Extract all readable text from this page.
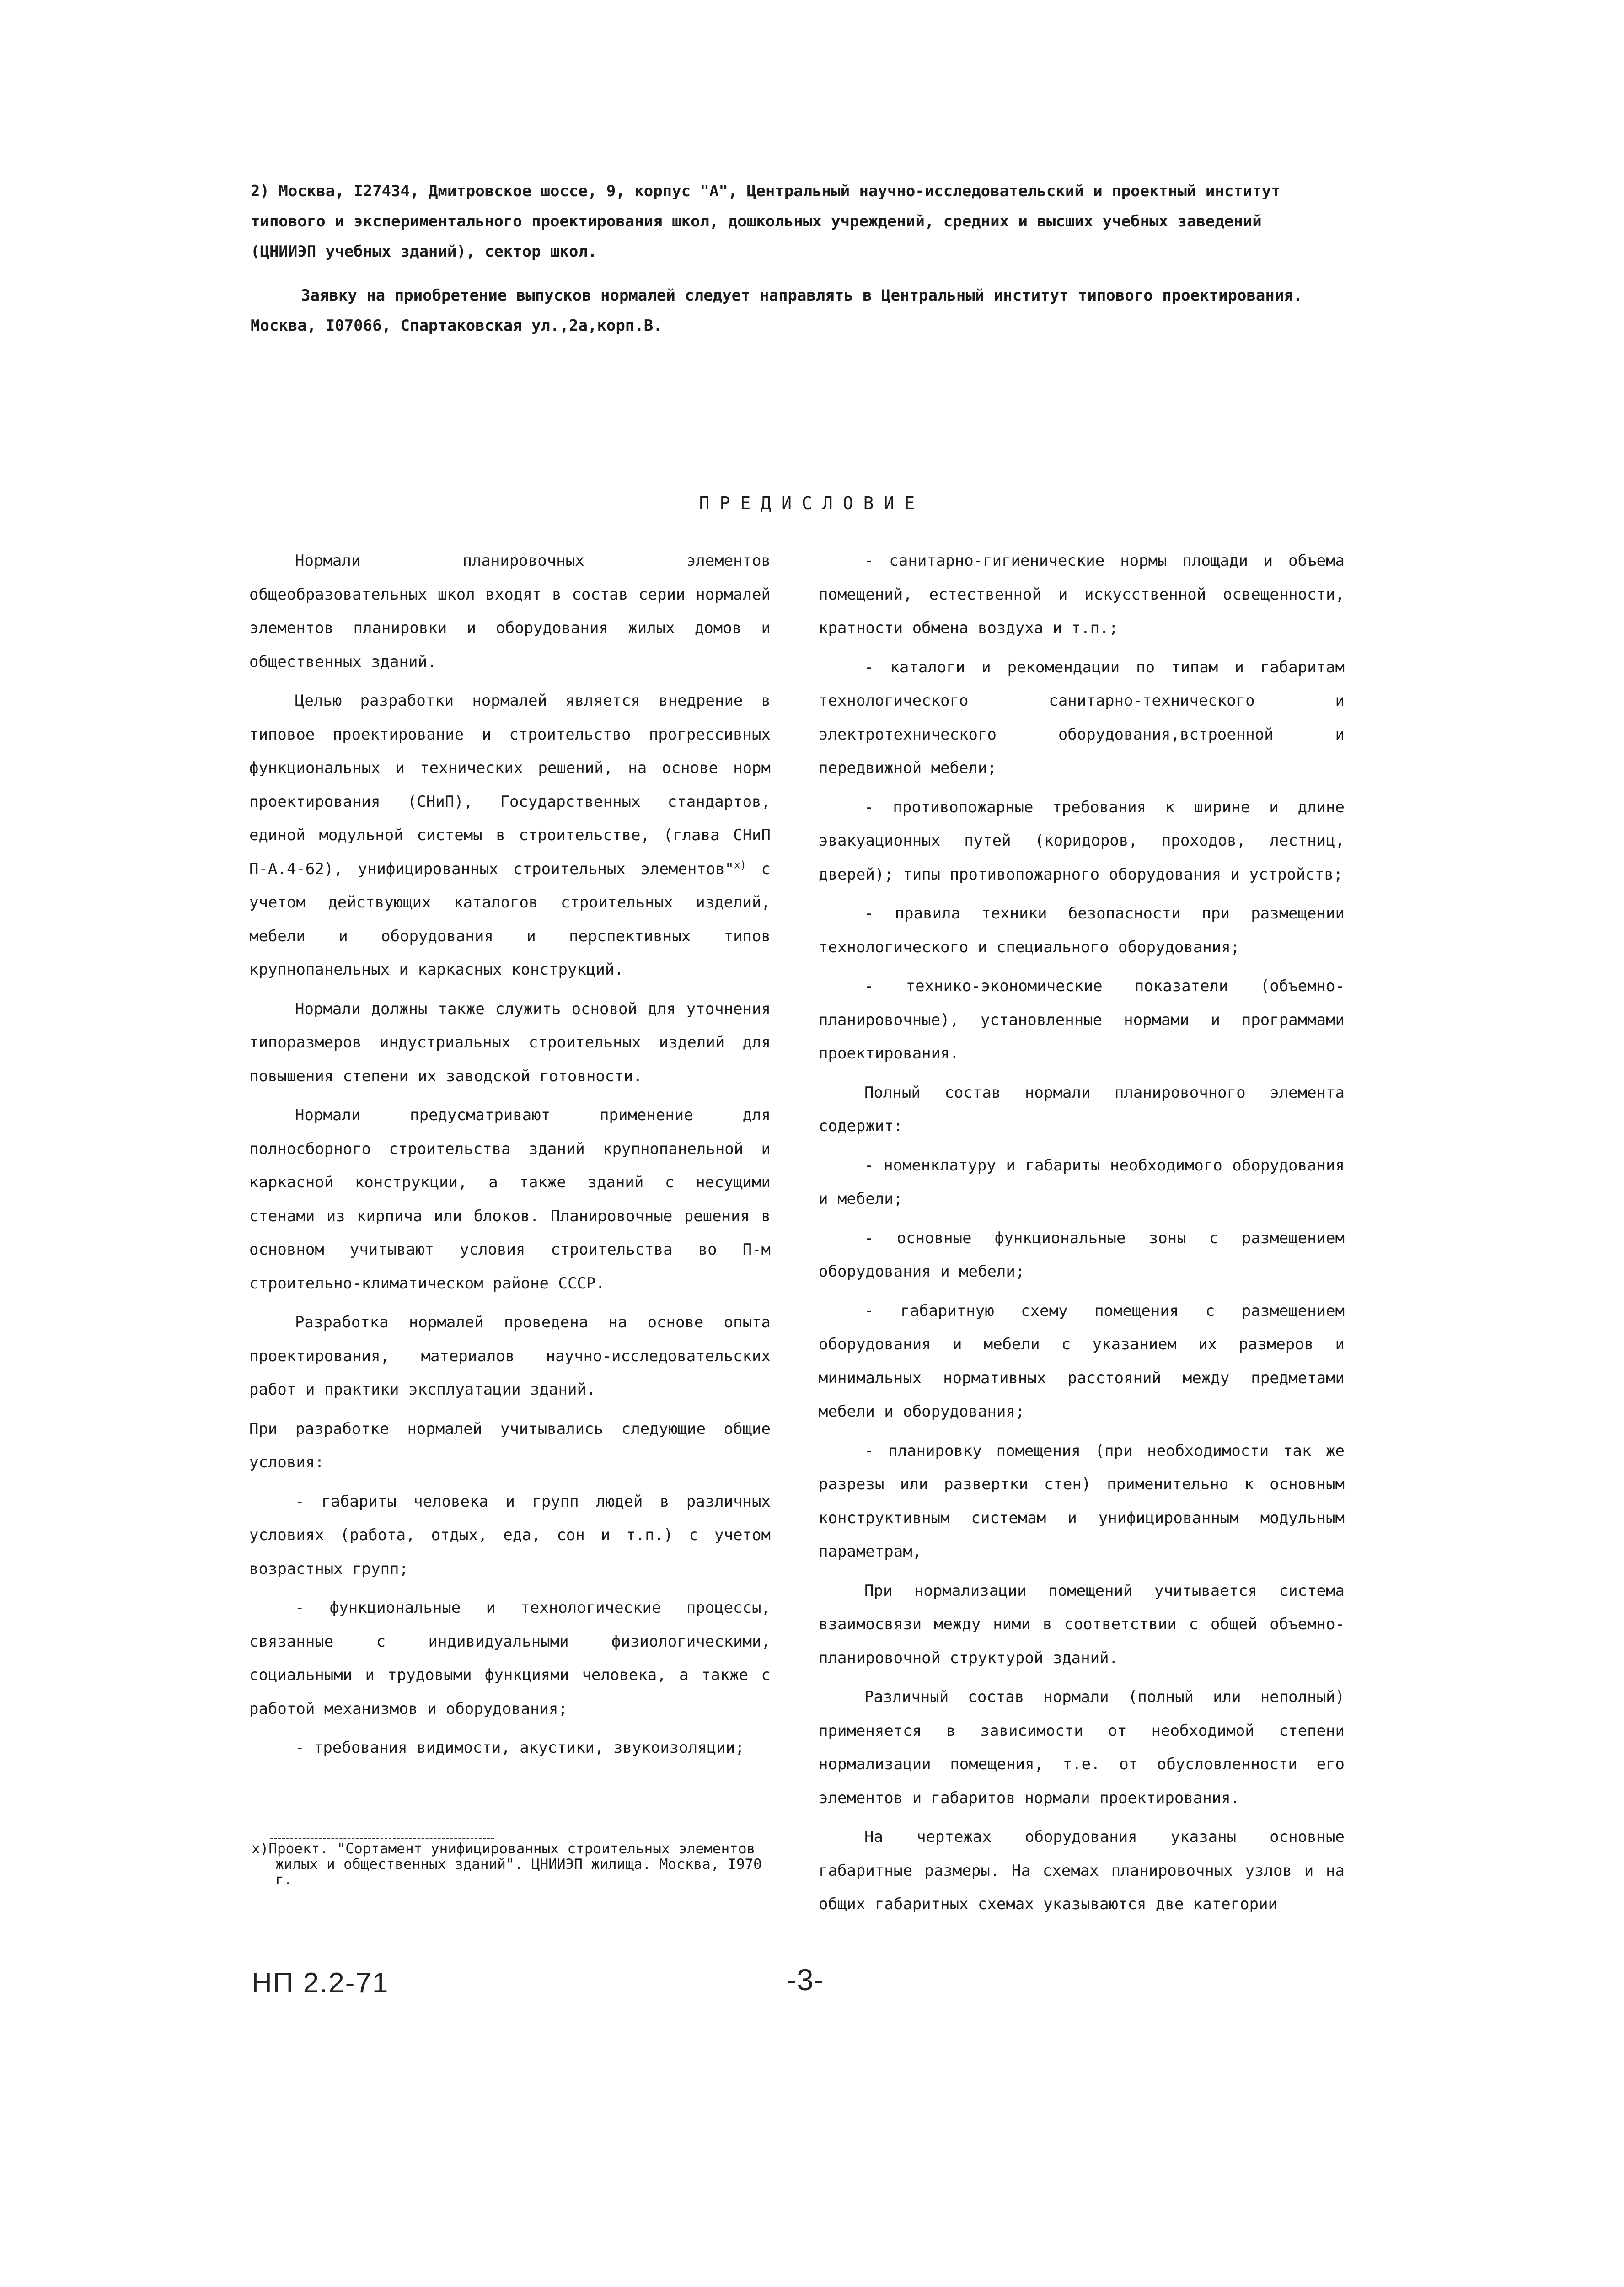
2) Москва, I27434, Дмитровское шоссе, 9, корпус "А", Центральный научно-исследовательский и проектный институт типового и экспериментального проектирования школ, дошкольных учреждений, средних и высших учебных заведений (ЦНИИЭП учебных зданий), сектор школ.

Заявку на приобретение выпусков нормалей следует направлять в Центральный институт типового проектирования. Москва, I07066, Спартаковская ул.,2а,корп.В.

ПРЕДИСЛОВИЕ

Нормали планировочных элементов общеобразовательных школ входят в состав серии нормалей элементов планировки и оборудования жилых домов и общественных зданий.

Целью разработки нормалей является внедрение в типовое проектирование и строительство прогрессивных функциональных и технических решений, на основе норм проектирования (СНиП), Государственных стандартов, единой модульной системы в строительстве, (глава СНиП П-А.4-62), унифицированных строительных элементов"$^{х)}$ с учетом действующих каталогов строительных изделий, мебели и оборудования и перспективных типов крупнопанельных и каркасных конструкций.

Нормали должны также служить основой для уточнения типоразмеров индустриальных строительных изделий для повышения степени их заводской готовности.

Нормали предусматривают применение для полносборного строительства зданий крупнопанельной и каркасной конструкции, а также зданий с несущими стенами из кирпича или блоков. Планировочные решения в основном учитывают условия строительства во П-м строительно-климатическом районе СССР.

Разработка нормалей проведена на основе опыта проектирования, материалов научно-исследовательских работ и практики эксплуатации зданий.

При разработке нормалей учитывались следующие общие условия:

- габариты человека и групп людей в различных условиях (работа, отдых, еда, сон и т.п.) с учетом возрастных групп;

- функциональные и технологические процессы, связанные с индивидуальными физиологическими, социальными и трудовыми функциями человека, а также с работой механизмов и оборудования;

- требования видимости, акустики, звукоизоляции;

х)Проект. "Сортамент унифицированных строительных элементов жилых и общественных зданий". ЦНИИЭП жилища. Москва, I970 г.

- санитарно-гигиенические нормы площади и объема помещений, естественной и искусственной освещенности, кратности обмена воздуха и т.п.;

- каталоги и рекомендации по типам и габаритам технологического санитарно-технического и электротехнического оборудования,встроенной и передвижной мебели;

- противопожарные требования к ширине и длине эвакуационных путей (коридоров, проходов, лестниц, дверей); типы противопожарного оборудования и устройств;

- правила техники безопасности при размещении технологического и специального оборудования;

- технико-экономические показатели (объемно-планировочные), установленные нормами и программами проектирования.

Полный состав нормали планировочного элемента содержит:

- номенклатуру и габариты необходимого оборудования и мебели;

- основные функциональные зоны с размещением оборудования и мебели;

- габаритную схему помещения с размещением оборудования и мебели с указанием их размеров и минимальных нормативных расстояний между предметами мебели и оборудования;

- планировку помещения (при необходимости так же разрезы или развертки стен) применительно к основным конструктивным системам и унифицированным модульным параметрам,

При нормализации помещений учитывается система взаимосвязи между ними в соответствии с общей объемно-планировочной структурой зданий.

Различный состав нормали (полный или неполный) применяется в зависимости от необходимой степени нормализации помещения, т.е. от обусловленности его элементов и габаритов нормали проектирования.

На чертежах оборудования указаны основные габаритные размеры. На схемах планировочных узлов и на общих габаритных схемах указываются две категории

НП 2.2-71	-3-
